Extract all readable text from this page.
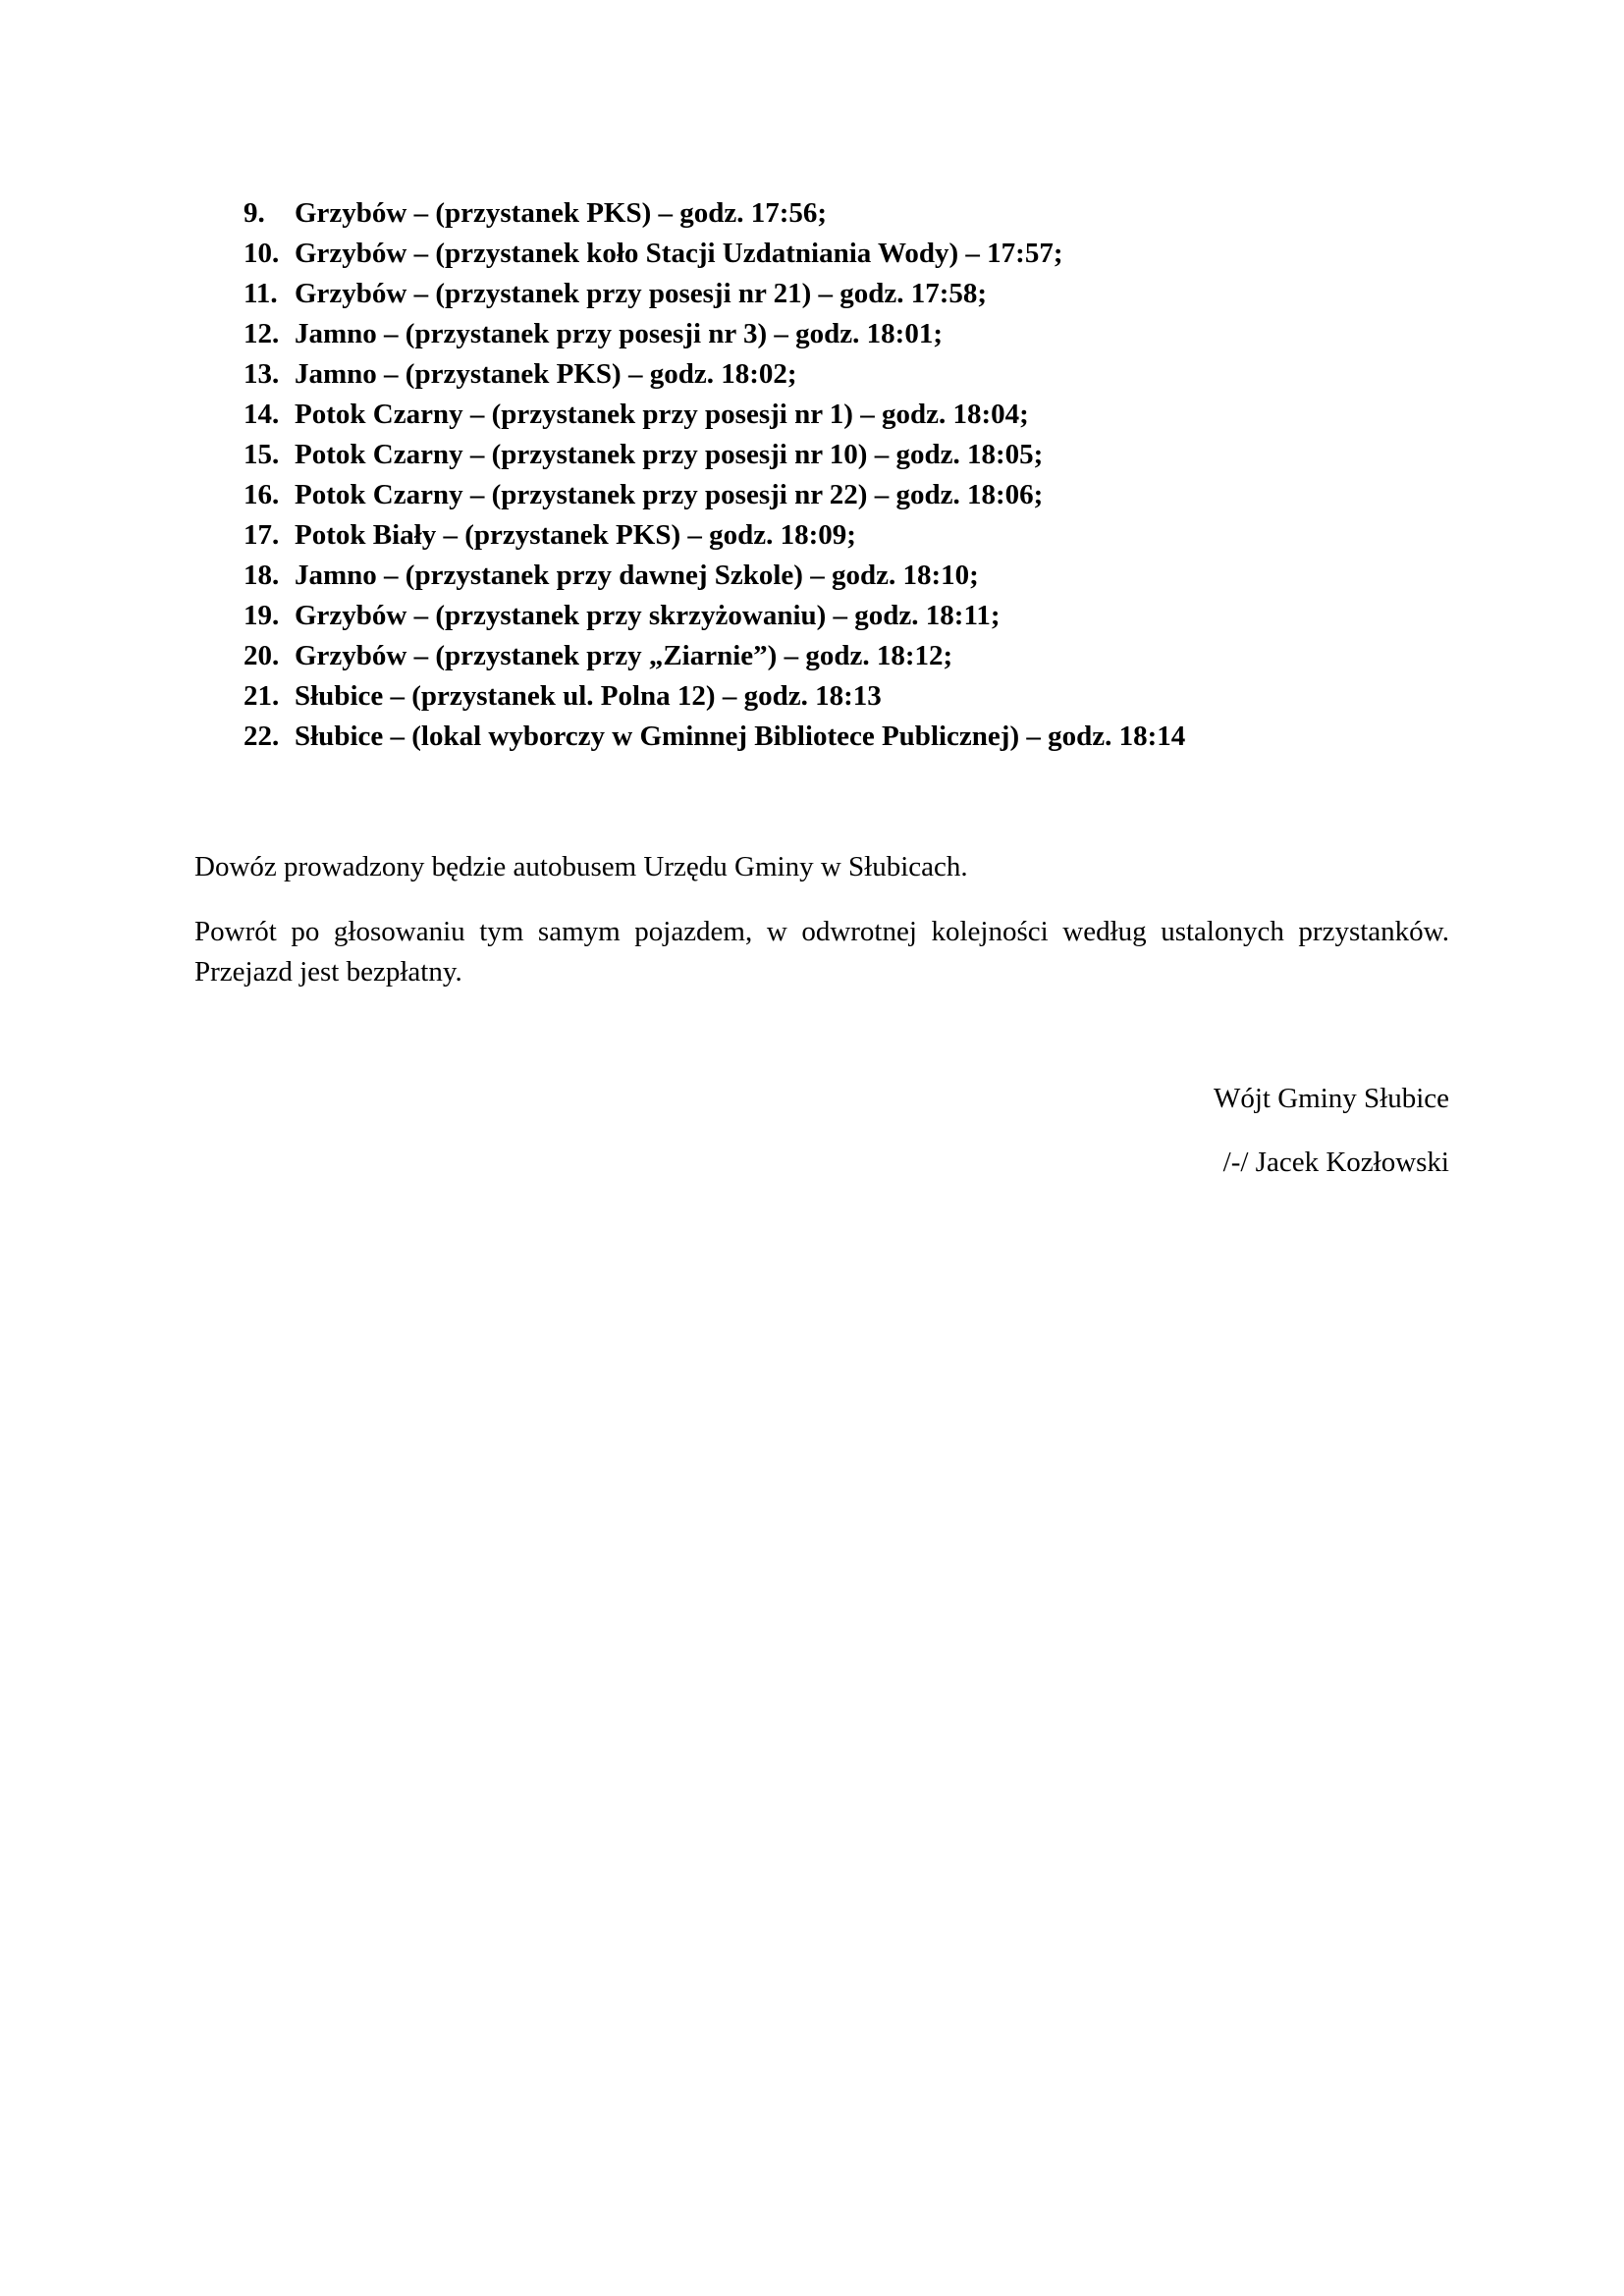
9.	Grzybów – (przystanek PKS) – godz. 17:56;
10. Grzybów – (przystanek koło Stacji Uzdatniania Wody) – 17:57;
11. Grzybów – (przystanek przy posesji nr 21) – godz. 17:58;
12. Jamno – (przystanek przy posesji nr 3) – godz. 18:01;
13. Jamno – (przystanek PKS) – godz. 18:02;
14. Potok Czarny – (przystanek przy posesji nr 1) – godz. 18:04;
15. Potok Czarny – (przystanek przy posesji nr 10) – godz. 18:05;
16. Potok Czarny – (przystanek przy posesji nr 22) – godz. 18:06;
17. Potok Biały – (przystanek PKS) – godz. 18:09;
18. Jamno – (przystanek przy dawnej Szkole) – godz. 18:10;
19. Grzybów – (przystanek przy skrzyżowaniu) – godz. 18:11;
20. Grzybów – (przystanek przy „Ziarnie”) – godz. 18:12;
21. Słubice – (przystanek ul. Polna 12) – godz. 18:13
22. Słubice – (lokal wyborczy w Gminnej Bibliotece Publicznej) – godz. 18:14

Dowóz prowadzony będzie autobusem Urzędu Gminy w Słubicach.

Powrót po głosowaniu tym samym pojazdem, w odwrotnej kolejności według ustalonych przystanków. Przejazd jest bezpłatny.

Wójt Gminy Słubice
/-/ Jacek Kozłowski
